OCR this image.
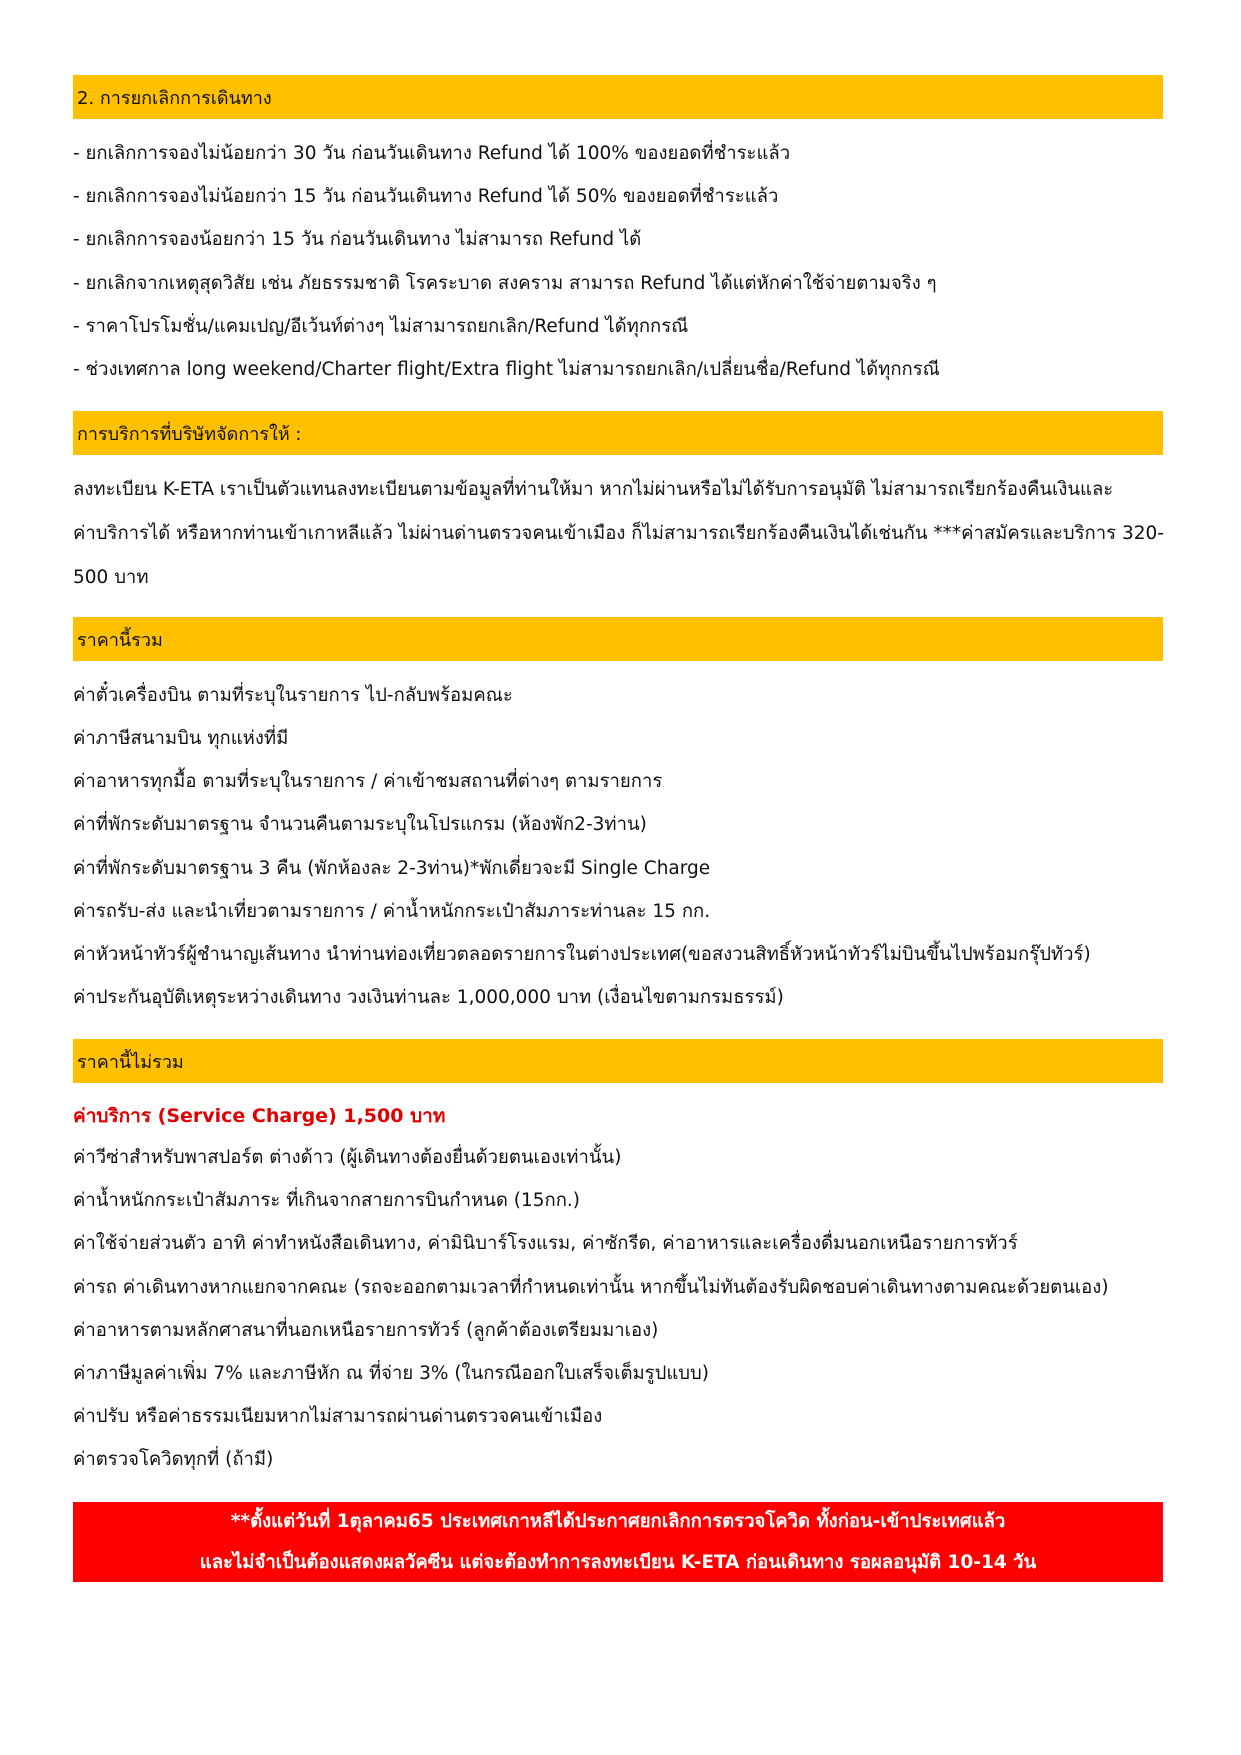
2. การยกเลิกการเดินทาง
- ยกเลิกการจองไม่น้อยกว่า 30 วัน ก่อนวันเดินทาง Refund ได้ 100% ของยอดที่ชำระแล้ว
- ยกเลิกการจองไม่น้อยกว่า 15 วัน ก่อนวันเดินทาง Refund ได้ 50% ของยอดที่ชำระแล้ว
- ยกเลิกการจองน้อยกว่า 15 วัน ก่อนวันเดินทาง ไม่สามารถ Refund ได้
- ยกเลิกจากเหตุสุดวิสัย เช่น ภัยธรรมชาติ โรคระบาด สงคราม สามารถ Refund ได้แต่หักค่าใช้จ่ายตามจริง ๆ
- ราคาโปรโมชั่น/แคมเปญ/อีเว้นท์ต่างๆ ไม่สามารถยกเลิก/Refund ได้ทุกกรณี
- ช่วงเทศกาล long weekend/Charter flight/Extra flight ไม่สามารถยกเลิก/เปลี่ยนชื่อ/Refund ได้ทุกกรณี
การบริการที่บริษัทจัดการให้ :
ลงทะเบียน K-ETA เราเป็นตัวแทนลงทะเบียนตามข้อมูลที่ท่านให้มา หากไม่ผ่านหรือไม่ได้รับการอนุมัติ ไม่สามารถเรียกร้องคืนเงินและ
ค่าบริการได้ หรือหากท่านเข้าเกาหลีแล้ว ไม่ผ่านด่านตรวจคนเข้าเมือง ก็ไม่สามารถเรียกร้องคืนเงินได้เช่นกัน ***ค่าสมัครและบริการ 320-
500 บาท
ราคานี้รวม
ค่าตั๋วเครื่องบิน ตามที่ระบุในรายการ ไป-กลับพร้อมคณะ
ค่าภาษีสนามบิน ทุกแห่งที่มี
ค่าอาหารทุกมื้อ ตามที่ระบุในรายการ / ค่าเข้าชมสถานที่ต่างๆ ตามรายการ
ค่าที่พักระดับมาตรฐาน จำนวนคืนตามระบุในโปรแกรม (ห้องพัก2-3ท่าน)
ค่าที่พักระดับมาตรฐาน 3 คืน (พักห้องละ 2-3ท่าน)*พักเดี่ยวจะมี Single Charge
ค่ารถรับ-ส่ง และนำเที่ยวตามรายการ / ค่าน้ำหนักกระเป๋าสัมภาระท่านละ 15 กก.
ค่าหัวหน้าทัวร์ผู้ชำนาญเส้นทาง นำท่านท่องเที่ยวตลอดรายการในต่างประเทศ(ขอสงวนสิทธิ์หัวหน้าทัวร์ไม่บินขึ้นไปพร้อมกรุ๊ปทัวร์)
ค่าประกันอุบัติเหตุระหว่างเดินทาง วงเงินท่านละ 1,000,000 บาท (เงื่อนไขตามกรมธรรม์)
ราคานี้ไม่รวม
ค่าบริการ (Service Charge) 1,500 บาท
ค่าวีซ่าสำหรับพาสปอร์ต ต่างด้าว (ผู้เดินทางต้องยื่นด้วยตนเองเท่านั้น)
ค่าน้ำหนักกระเป๋าสัมภาระ ที่เกินจากสายการบินกำหนด (15กก.)
ค่าใช้จ่ายส่วนตัว อาทิ ค่าทำหนังสือเดินทาง, ค่ามินิบาร์โรงแรม, ค่าซักรีด, ค่าอาหารและเครื่องดื่มนอกเหนือรายการทัวร์
ค่ารถ ค่าเดินทางหากแยกจากคณะ (รถจะออกตามเวลาที่กำหนดเท่านั้น หากขึ้นไม่ทันต้องรับผิดชอบค่าเดินทางตามคณะด้วยตนเอง)
ค่าอาหารตามหลักศาสนาที่นอกเหนือรายการทัวร์ (ลูกค้าต้องเตรียมมาเอง)
ค่าภาษีมูลค่าเพิ่ม 7% และภาษีหัก ณ ที่จ่าย 3% (ในกรณีออกใบเสร็จเต็มรูปแบบ)
ค่าปรับ หรือค่าธรรมเนียมหากไม่สามารถผ่านด่านตรวจคนเข้าเมือง
ค่าตรวจโควิดทุกที่ (ถ้ามี)
**ตั้งแต่วันที่ 1ตุลาคม65 ประเทศเกาหลีได้ประกาศยกเลิกการตรวจโควิด ทั้งก่อน-เข้าประเทศแล้ว
และไม่จำเป็นต้องแสดงผลวัคซีน แต่จะต้องทำการลงทะเบียน K-ETA ก่อนเดินทาง รอผลอนุมัติ 10-14 วัน
